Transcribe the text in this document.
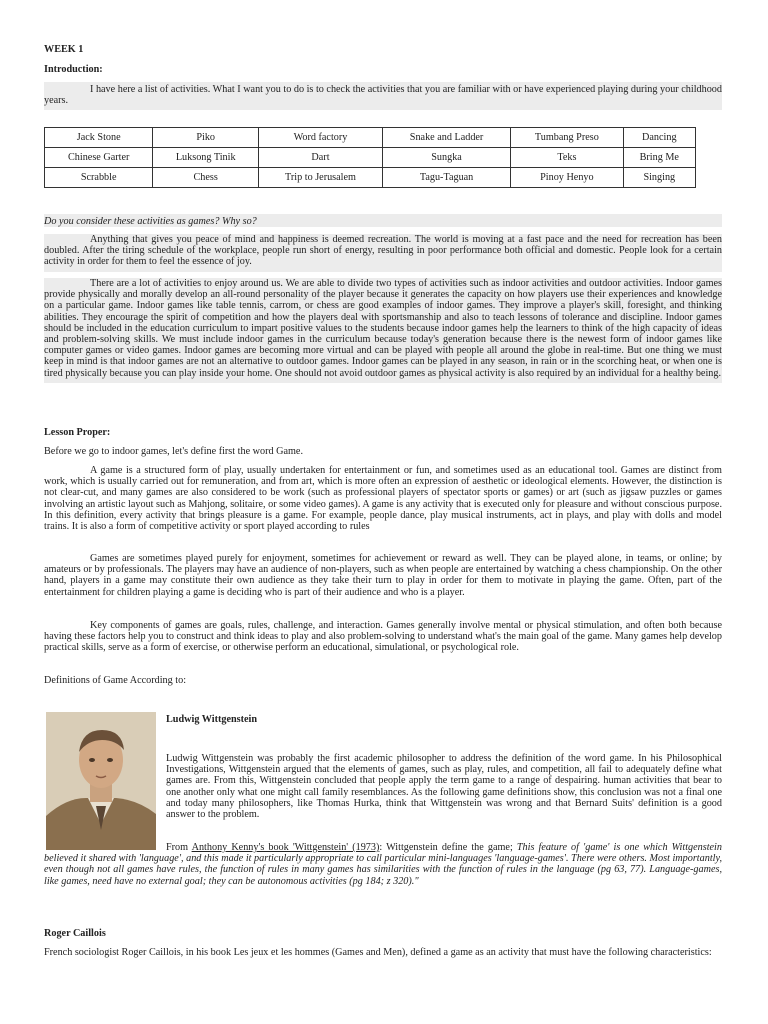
WEEK 1
Introduction:
I have here a list of activities. What I want you to do is to check the activities that you are familiar with or have experienced playing during your childhood years.
Jack Stone	Piko	Word factory	Snake and Ladder	Tumbang Preso	Dancing
Chinese Garter	Luksong Tinik	Dart	Sungka	Teks	Bring Me
Scrabble	Chess	Trip to Jerusalem	Tagu-Taguan	Pinoy Henyo	Singing
Do you consider these activities as games? Why so?
Anything that gives you peace of mind and happiness is deemed recreation. The world is moving at a fast pace and the need for recreation has been doubled. After the tiring schedule of the workplace, people run short of energy, resulting in poor performance both official and domestic. People look for a certain activity in order for them to feel the essence of joy.
There are a lot of activities to enjoy around us. We are able to divide two types of activities such as indoor activities and outdoor activities. Indoor games provide physically and morally develop an all-round personality of the player because it generates the capacity on how players use their experiences and knowledge on a particular game. Indoor games like table tennis, carrom, or chess are good examples of indoor games. They improve a player's skill, foresight, and thinking abilities. They encourage the spirit of competition and how the players deal with sportsmanship and also to teach lessons of tolerance and discipline. Indoor games should be included in the education curriculum to impart positive values to the students because indoor games help the learners to think of the high capacity of ideas and problem-solving skills. We must include indoor games in the curriculum because today's generation because there is the newest form of indoor games like computer games or video games. Indoor games are becoming more virtual and can be played with people all around the globe in real-time. But one thing we must keep in mind is that indoor games are not an alternative to outdoor games. Indoor games can be played in any season, in rain or in the scorching heat, or when one is tired physically because you can play inside your home. One should not avoid outdoor games as physical activity is also required by an individual for a healthy being.
Lesson Proper:
Before we go to indoor games, let's define first the word Game.
A game is a structured form of play, usually undertaken for entertainment or fun, and sometimes used as an educational tool. Games are distinct from work, which is usually carried out for remuneration, and from art, which is more often an expression of aesthetic or ideological elements. However, the distinction is not clear-cut, and many games are also considered to be work (such as professional players of spectator sports or games) or art (such as jigsaw puzzles or games involving an artistic layout such as Mahjong, solitaire, or some video games). A game is any activity that is executed only for pleasure and without conscious purpose. In this definition, every activity that brings pleasure is a game. For example, people dance, play musical instruments, act in plays, and play with dolls and model trains. It is also a form of competitive activity or sport played according to rules
Games are sometimes played purely for enjoyment, sometimes for achievement or reward as well. They can be played alone, in teams, or online; by amateurs or by professionals. The players may have an audience of non-players, such as when people are entertained by watching a chess championship. On the other hand, players in a game may constitute their own audience as they take their turn to play in order for them to motivate in playing the game. Often, part of the entertainment for children playing a game is deciding who is part of their audience and who is a player.
Key components of games are goals, rules, challenge, and interaction. Games generally involve mental or physical stimulation, and often both because having these factors help you to construct and think ideas to play and also problem-solving to understand what's the main goal of the game. Many games help develop practical skills, serve as a form of exercise, or otherwise perform an educational, simulational, or psychological role.
Definitions of Game According to:
Ludwig Wittgenstein
Ludwig Wittgenstein was probably the first academic philosopher to address the definition of the word game. In his Philosophical Investigations, Wittgenstein argued that the elements of games, such as play, rules, and competition, all fail to adequately define what games are. From this, Wittgenstein concluded that people apply the term game to a range of despairing. human activities that bear to one another only what one might call family resemblances. As the following game definitions show, this conclusion was not a final one and today many philosophers, like Thomas Hurka, think that Wittgenstein was wrong and that Bernard Suits' definition is a good answer to the problem.
From Anthony Kenny's book 'Wittgenstein' (1973): Wittgenstein define the game; This feature of 'game' is one which Wittgenstein believed it shared with 'language', and this made it particularly appropriate to call particular mini-languages 'language-games'. There were others. Most importantly, even though not all games have rules, the function of rules in many games has similarities with the function of rules in the language (pg 63, 77). Language-games, like games, need have no external goal; they can be autonomous activities (pg 184; z 320)."
Roger Caillois
French sociologist Roger Caillois, in his book Les jeux et les hommes (Games and Men), defined a game as an activity that must have the following characteristics:
